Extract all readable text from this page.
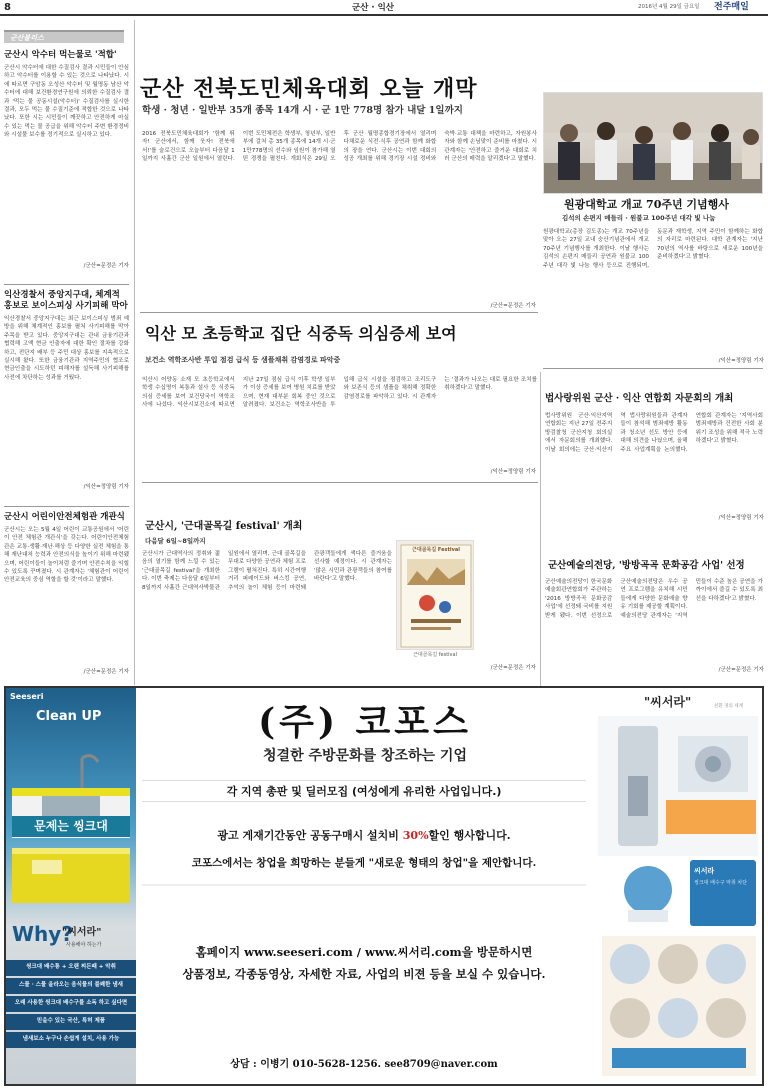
8	군산 · 익산	2016년 4월 29일 금요일 전주매일
군산불리스
군산시 악수터 먹는물로 '적합'
군산시 악수터에 대한 수질검사 결과 시민들이 안심하고 악수터를 이용할 수 있는 것으로 나타났다. 시에 따르면 구암동 오성산 악수터 및 월명동 남산 악수터에 대해 보건환경연구원에 의뢰한 수질검사 결과 '먹는 물 공동시설(악수터)' 수질검사를 실시한 결과, 모두 먹는 물 수질기준에 적합한 것으로 나타났다. 또한 시는 시민들이 깨끗하고 안전하게 마실 수 있는 먹는 물 공급을 위해 악수터 주변 환경정비와 시설물 보수를 정기적으로 실시하고 있다.
/군산=문정은 기자
익산경찰서 중앙지구대, 체계적 홍보로 보이스피싱 사기피해 막아
익산경찰서 중앙지구대는 최근 보이스피싱 범죄 예방을 위해 체계적인 홍보를 펼쳐 사기피해를 막아 주목을 받고 있다. 중앙지구대는 관내 금융기관과 협력해 고액 현금 인출자에 대한 확인 절차를 강화하고, 전단지 배부 등 주민 대상 홍보를 지속적으로 실시해 왔다. 또한 금융기관과 지역주민의 협조로 현금인출을 시도하던 피해자를 설득해 사기피해를 사전에 차단하는 성과를 거뒀다.
/익산=정양림 기자
군산시 어린이안전체험관 개관식
군산시는 오는 5월 4일 어린이 교통공원에서 '어린이 안전 체험관 개관식'을 갖는다. 어린이안전체험관은 교통·생활·재난·해상 등 다양한 실전 체험을 통해 재난대처 능력과 안전의식을 높이기 위해 마련됐으며, 어린이들이 놀이처럼 즐기며 안전수칙을 익힐 수 있도록 꾸며졌다. 시 관계자는 '체험관이 어린이 안전교육의 중심 역할을 할 것'이라고 말했다.
/군산=문정은 기자
군산 전북도민체육대회 오늘 개막
학생 · 청년 · 일반부 35개 종목 14개 시 · 군 1만 778명 참가 내달 1일까지
2016 전북도민체육대회가 '함께 뛰자! 군산에서, 함께 웃자! 전북에서!'를 슬로건으로 오늘부터 다음달 1일까지 사흘간 군산 일원에서 열린다. 이번 도민체전은 학생부, 청년부, 일반부에 걸쳐 총 35개 종목에 14개 시·군 1만778명의 선수와 임원이 참가해 열띤 경쟁을 펼친다. 개회식은 29일 오후 군산 월명종합경기장에서 열리며 다채로운 식전·식후 공연과 함께 화합의 장을 연다. 군산시는 이번 대회의 성공 개최를 위해 경기장 시설 정비와 숙박·교통 대책을 마련하고, 자원봉사자와 함께 손님맞이 준비를 마쳤다. 시 관계자는 '안전하고 즐거운 대회로 치러 군산의 매력을 알리겠다'고 말했다.
/군산=문정은 기자
원광대학교 개교 70주년 기념행사
김석의 손편지 메들리 · 원불교 100주년 대각 빛 나눔
원광대학교(총장 김도종)는 개교 70주년을 맞아 오는 27일 교내 숭산기념관에서 개교 70주년 기념행사를 개최한다. 이날 행사는 김석의 손편지 메들리 공연과 원불교 100주년 대각 빛 나눔 행사 등으로 진행되며, 동문과 재학생, 지역 주민이 함께하는 화합의 자리로 마련된다. 대학 관계자는 '지난 70년의 역사를 바탕으로 새로운 100년을 준비하겠다'고 밝혔다.
/익산=정양림 기자
익산 모 초등학교 집단 식중독 의심증세 보여
보건소 역학조사반 투입 점검 급식 등 샘플채취 감염경로 파악중
익산시 어양동 소재 모 초등학교에서 학생 수십명이 복통과 설사 등 식중독 의심 증세를 보여 보건당국이 역학조사에 나섰다. 익산시보건소에 따르면 지난 27일 점심 급식 이후 학생 일부가 이상 증세를 보여 병원 치료를 받았으며, 현재 대부분 회복 중인 것으로 알려졌다. 보건소는 역학조사반을 투입해 급식 시설을 점검하고 조리도구와 보존식 등의 샘플을 채취해 정확한 감염경로를 파악하고 있다. 시 관계자는 '결과가 나오는 대로 필요한 조치를 취하겠다'고 말했다.
/익산=정양림 기자
법사랑위원 군산 · 익산 연합회 자문회의 개최
법사랑위원 군산·익산지역 연합회는 지난 27일 전주지방검찰청 군산지청 회의실에서 자문회의를 개최했다. 이날 회의에는 군산·익산지역 법사랑위원들과 관계자들이 참석해 범죄예방 활동과 청소년 선도 방안 등에 대해 의견을 나눴으며, 올해 주요 사업계획을 논의했다. 연합회 관계자는 '지역사회 범죄예방과 건전한 사회 분위기 조성을 위해 적극 노력하겠다'고 밝혔다.
/익산=정양림 기자
군산시, '근대골목길 festival' 개최
다음달 6일~8일까지
군산시가 근대역사의 정취와 젊음의 열기를 함께 느낄 수 있는 '근대골목길 festival'을 개최한다. 이번 축제는 다음달 6일부터 8일까지 사흘간 근대역사박물관 일원에서 열리며, 근대 골목길을 무대로 다양한 공연과 체험 프로그램이 펼쳐진다. 특히 시간여행 거리 퍼레이드와 버스킹 공연, 추억의 놀이 체험 등이 마련돼 관광객들에게 색다른 즐거움을 선사할 예정이다. 시 관계자는 '많은 시민과 관광객들의 참여를 바란다'고 말했다.
근대골목길 Festival
근대골목길 festival
/군산=문정은 기자
군산예술의전당, '방방곡곡 문화공감 사업' 선정
군산예술의전당이 한국문화예술회관연합회가 주관하는 '2016 방방곡곡 문화공감 사업'에 선정돼 국비를 지원받게 됐다. 이번 선정으로 군산예술의전당은 우수 공연 프로그램을 유치해 시민들에게 다양한 문화예술 향유 기회를 제공할 계획이다. 예술의전당 관계자는 '지역민들이 수준 높은 공연을 가까이에서 즐길 수 있도록 최선을 다하겠다'고 밝혔다.
/군산=문정은 기자
Seeseri
Clean UP
문제는 씽크대
Why?
"씨서라"
사용해야 하는가
씽크대 배수통 + 오랜 찌든때 + 악취
스물 · 스물 올라오는 음식물의 불쾌한 냄새
오래 사용한 씽크대 배수구를 소독 하고 싶다면
믿을수 있는 국산, 특허 제품
냄새보소 누구나 손쉽게 설치, 사용 가능
(주) 코포스
청결한 주방문화를 창조하는 기업
각 지역 총판 및 딜러모집 (여성에게 유리한 사업입니다.)
광고 게재기간동안 공동구매시 설치비 30%할인 행사합니다.
코포스에서는 창업을 희망하는 분들게 "새로운 형태의 창업"을 제안합니다.
홈페이지 www.seeseri.com / www.씨서리.com을 방문하시면
상품정보, 각종동영상, 자세한 자료, 사업의 비젼 등을 보실 수 있습니다.
상담 : 이병기 010-5628-1256. see8709@naver.com
"씨서라"	친환 경의 세계
씨서라
씽크대 배수구 악취 차단
